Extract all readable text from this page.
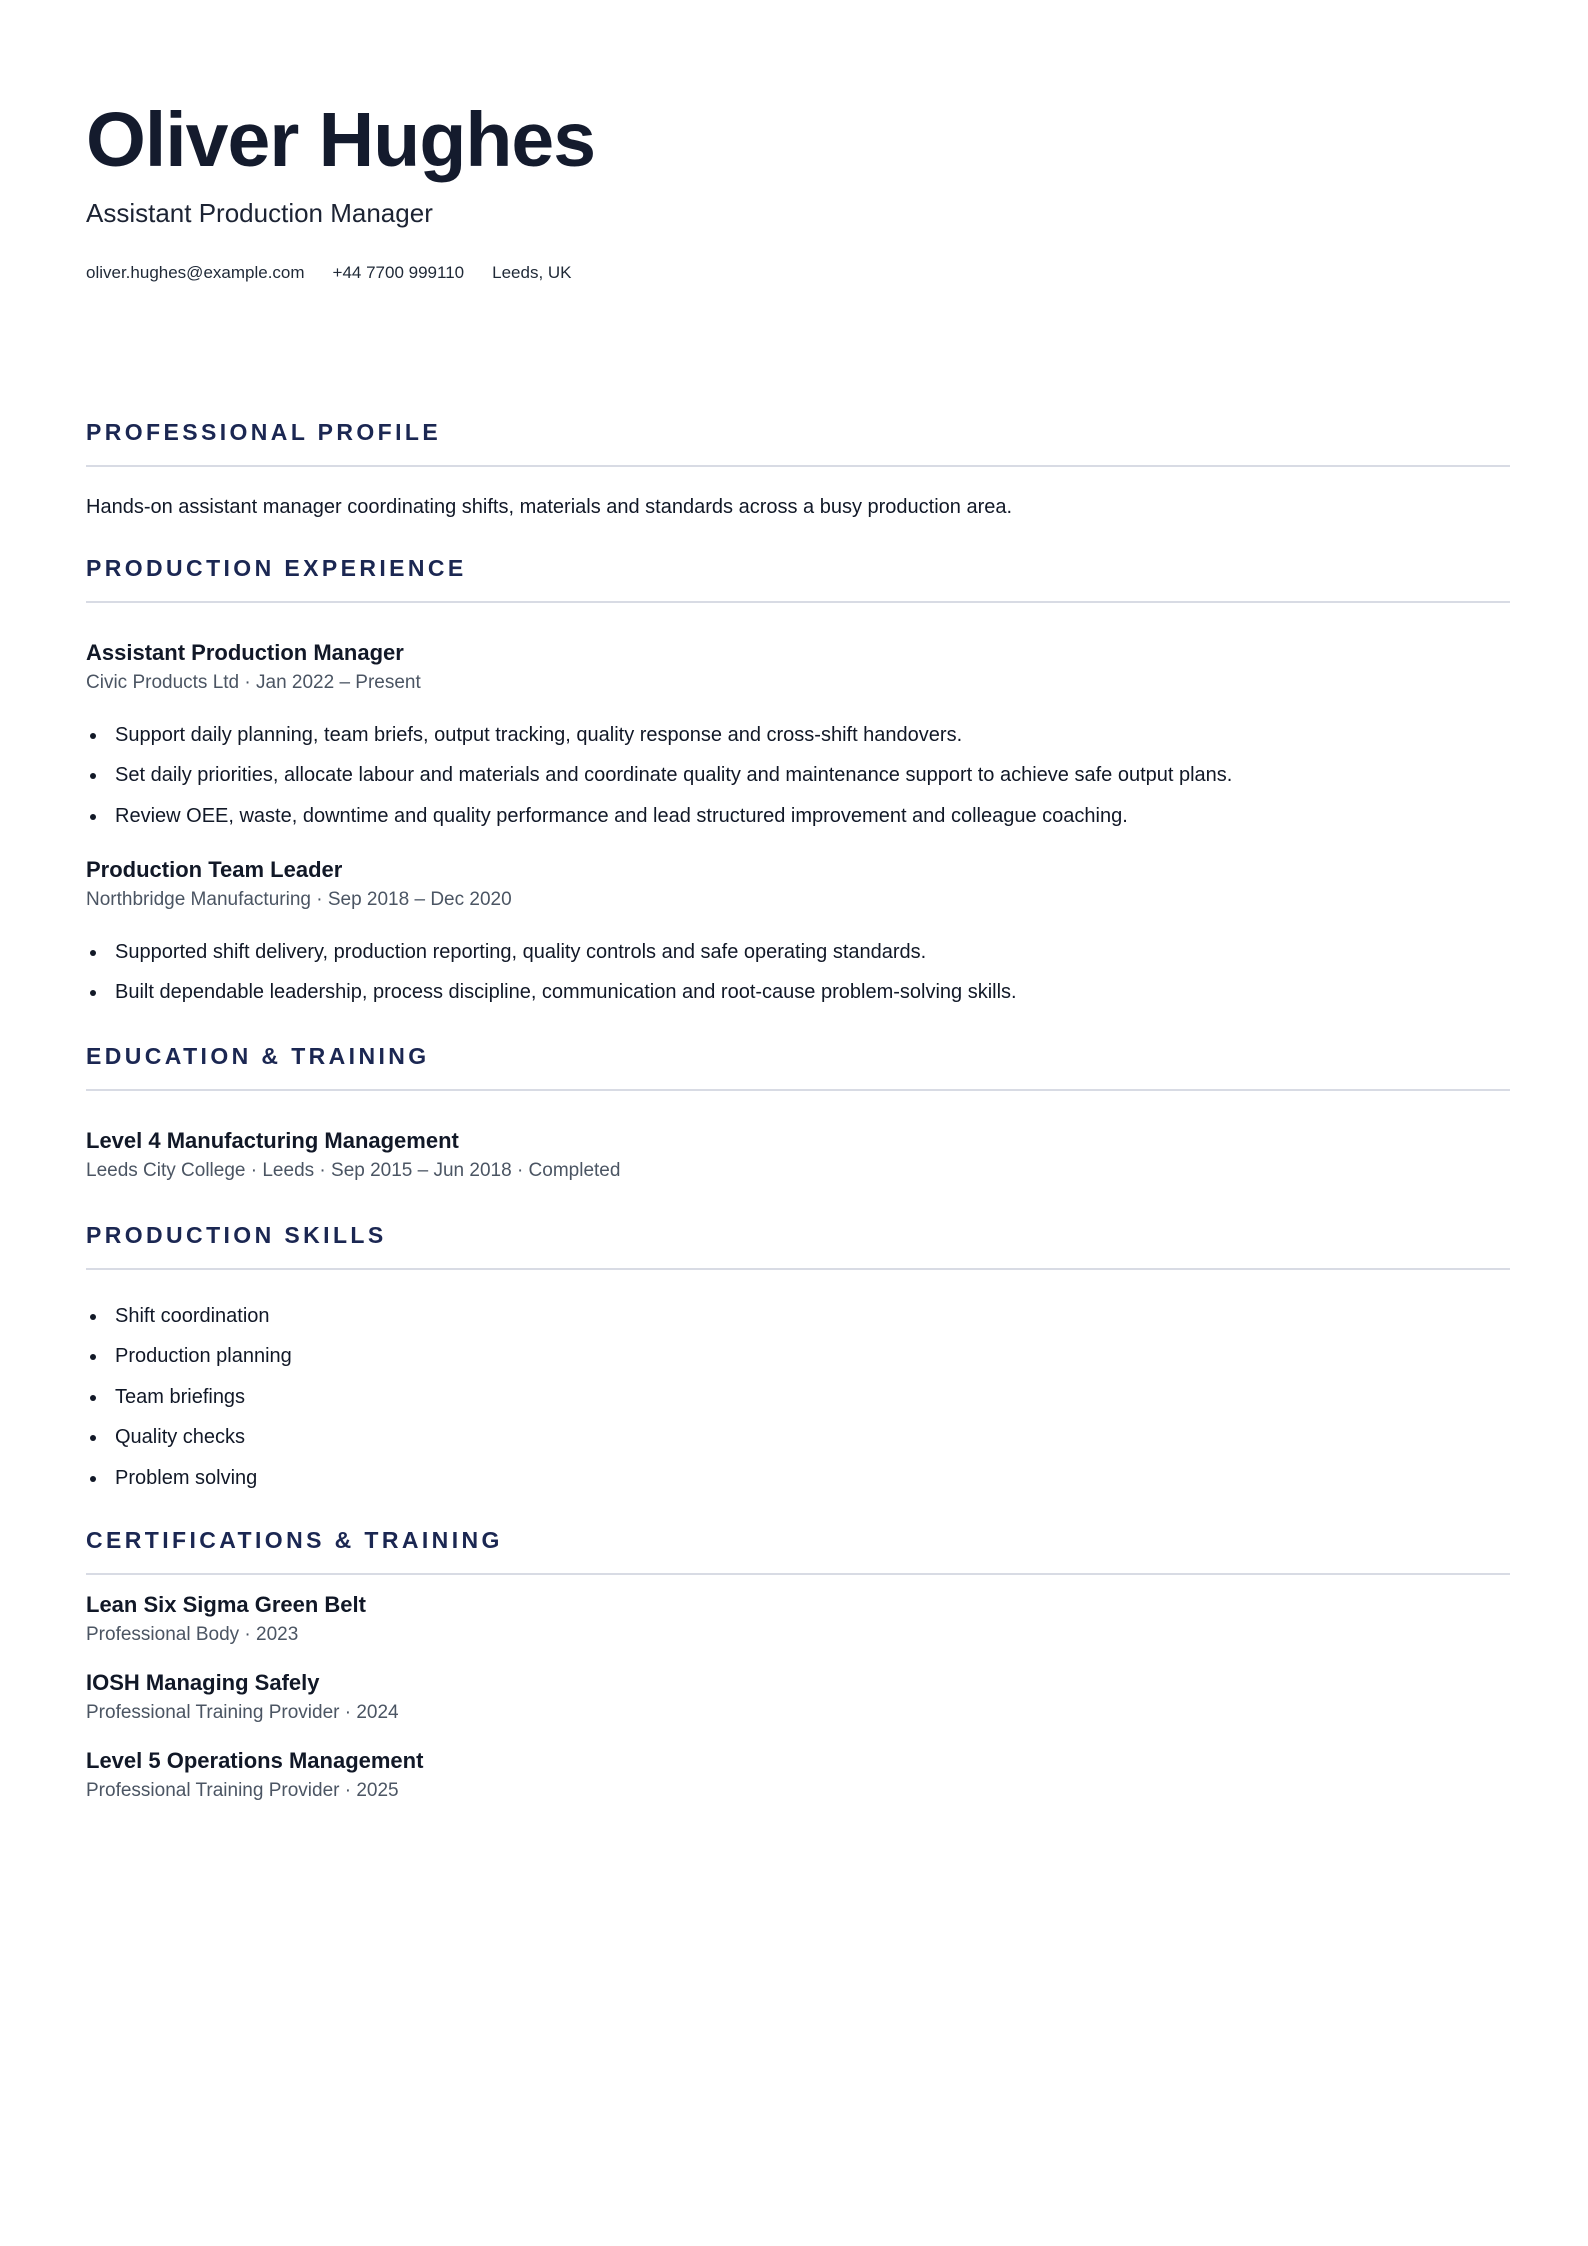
Oliver Hughes

Assistant Production Manager

oliver.hughes@example.com +44 7700 999110 Leeds, UK
PROFESSIONAL PROFILE
Hands-on assistant manager coordinating shifts, materials and standards across a busy production area.
PRODUCTION EXPERIENCE
Assistant Production Manager
Civic Products Ltd · Jan 2022 – Present
Support daily planning, team briefs, output tracking, quality response and cross-shift handovers.
Set daily priorities, allocate labour and materials and coordinate quality and maintenance support to achieve safe output plans.
Review OEE, waste, downtime and quality performance and lead structured improvement and colleague coaching.
Production Team Leader
Northbridge Manufacturing · Sep 2018 – Dec 2020
Supported shift delivery, production reporting, quality controls and safe operating standards.
Built dependable leadership, process discipline, communication and root-cause problem-solving skills.
EDUCATION & TRAINING
Level 4 Manufacturing Management
Leeds City College · Leeds · Sep 2015 – Jun 2018 · Completed
PRODUCTION SKILLS
Shift coordination
Production planning
Team briefings
Quality checks
Problem solving
CERTIFICATIONS & TRAINING
Lean Six Sigma Green Belt
Professional Body · 2023
IOSH Managing Safely
Professional Training Provider · 2024
Level 5 Operations Management
Professional Training Provider · 2025
